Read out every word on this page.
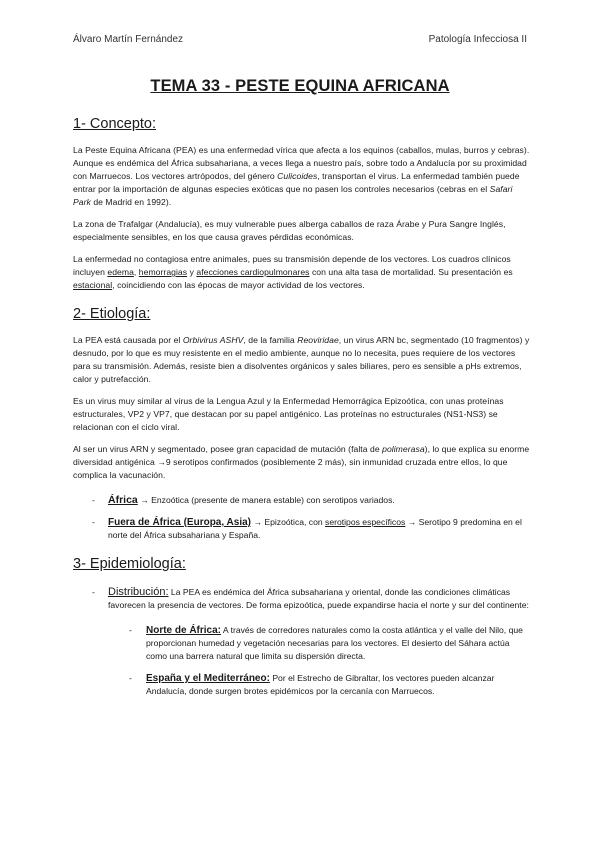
Álvaro Martín Fernández	Patología Infecciosa II
TEMA 33 - PESTE EQUINA AFRICANA
1- Concepto:

La Peste Equina Africana (PEA) es una enfermedad vírica que afecta a los equinos (caballos, mulas, burros y cebras). Aunque es endémica del África subsahariana, a veces llega a nuestro país, sobre todo a Andalucía por su proximidad con Marruecos. Los vectores artrópodos, del género Culicoides, transportan el virus. La enfermedad también puede entrar por la importación de algunas especies exóticas que no pasen los controles necesarios (cebras en el Safari Park de Madrid en 1992).

La zona de Trafalgar (Andalucía), es muy vulnerable pues alberga caballos de raza Árabe y Pura Sangre Inglés, especialmente sensibles, en los que causa graves pérdidas económicas.

La enfermedad no contagiosa entre animales, pues su transmisión depende de los vectores. Los cuadros clínicos incluyen edema, hemorragias y afecciones cardiopulmonares con una alta tasa de mortalidad. Su presentación es estacional, coincidiendo con las épocas de mayor actividad de los vectores.

2- Etiología:

La PEA está causada por el Orbivirus ASHV, de la familia Reoviridae, un virus ARN bc, segmentado (10 fragmentos) y desnudo, por lo que es muy resistente en el medio ambiente, aunque no lo necesita, pues requiere de los vectores para su transmisión. Además, resiste bien a disolventes orgánicos y sales biliares, pero es sensible a pHs extremos, calor y putrefacción.

Es un virus muy similar al virus de la Lengua Azul y la Enfermedad Hemorrágica Epizoótica, con unas proteínas estructurales, VP2 y VP7, que destacan por su papel antigénico. Las proteínas no estructurales (NS1-NS3) se relacionan con el ciclo viral.

Al ser un virus ARN y segmentado, posee gran capacidad de mutación (falta de polimerasa), lo que explica su enorme diversidad antigénica →9 serotipos confirmados (posiblemente 2 más), sin inmunidad cruzada entre ellos, lo que complica la vacunación.

- África → Enzoótica (presente de manera estable) con serotipos variados.
- Fuera de África (Europa, Asia) → Epizoótica, con serotipos específicos → Serotipo 9 predomina en el norte del África subsahariana y España.
3- Epidemiología:
- Distribución: La PEA es endémica del África subsahariana y oriental, donde las condiciones climáticas favorecen la presencia de vectores. De forma epizoótica, puede expandirse hacia el norte y sur del continente:
- Norte de África: A través de corredores naturales como la costa atlántica y el valle del Nilo, que proporcionan humedad y vegetación necesarias para los vectores. El desierto del Sáhara actúa como una barrera natural que limita su dispersión directa.
- España y el Mediterráneo: Por el Estrecho de Gibraltar, los vectores pueden alcanzar Andalucía, donde surgen brotes epidémicos por la cercanía con Marruecos.
